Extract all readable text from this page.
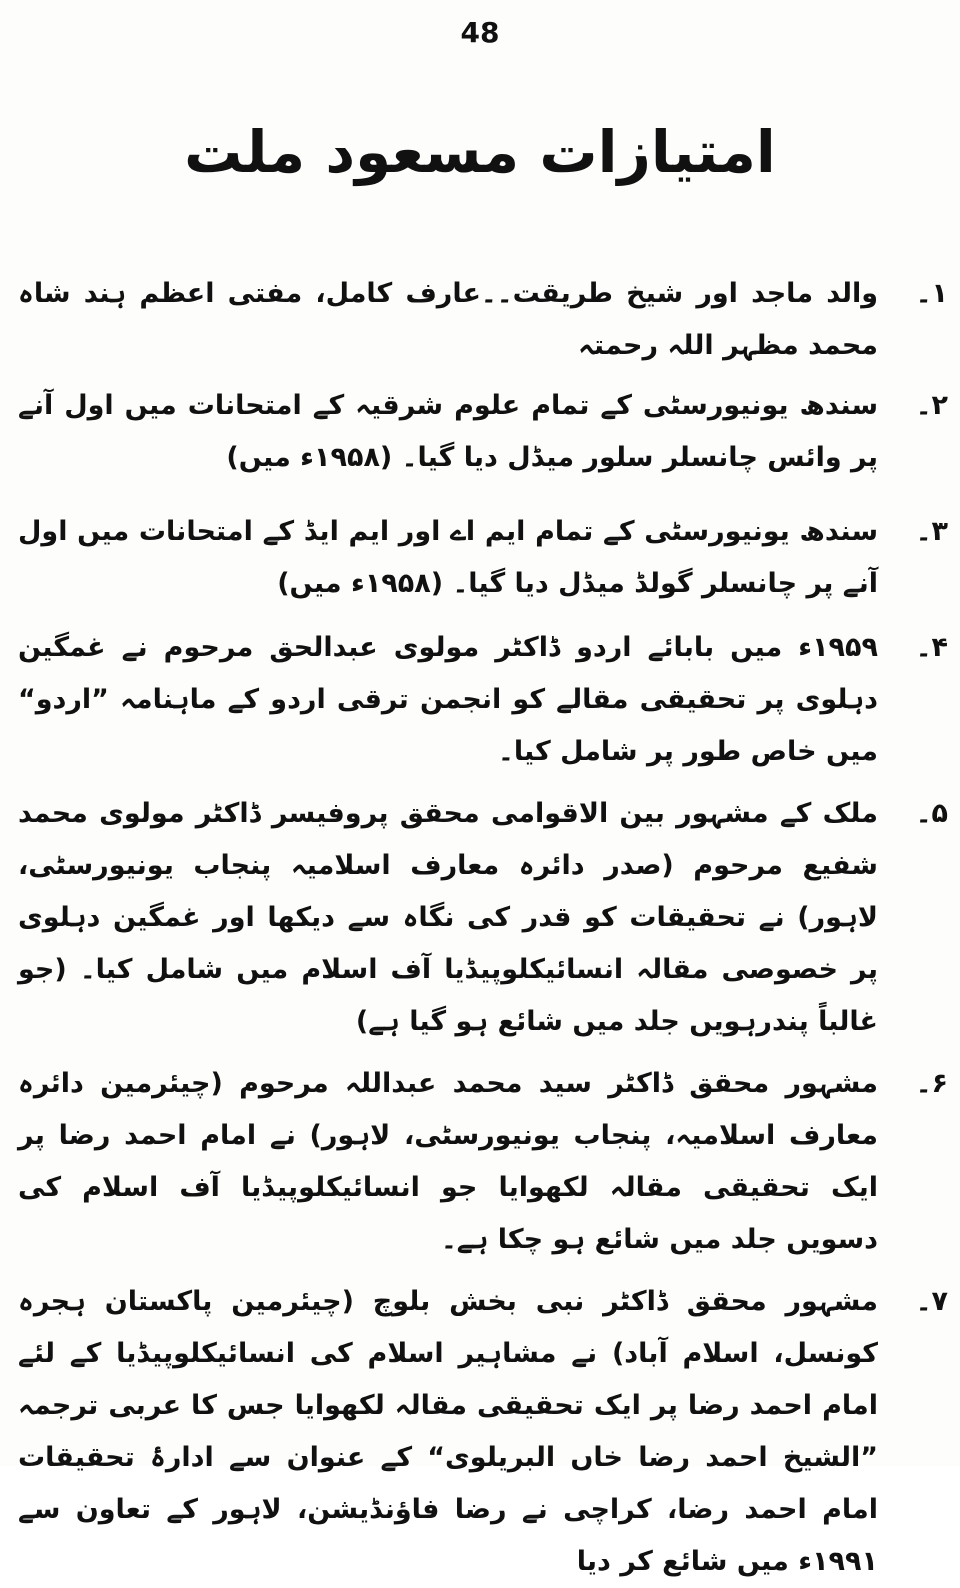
48
امتیازات مسعود ملت
۱۔
والد ماجد اور شیخ طریقت۔۔عارف کامل، مفتی اعظم ہند شاہ محمد مظہر اللہ رحمتہ
۲۔
سندھ یونیورسٹی کے تمام علوم شرقیہ کے امتحانات میں اول آنے پر وائس چانسلر سلور میڈل دیا گیا۔ (۱۹۵۸ء میں)
۳۔
سندھ یونیورسٹی کے تمام ایم اے اور ایم ایڈ کے امتحانات میں اول آنے پر چانسلر گولڈ میڈل دیا گیا۔ (۱۹۵۸ء میں)
۴۔
۱۹۵۹ء میں بابائے اردو ڈاکٹر مولوی عبدالحق مرحوم نے غمگین دہلوی پر تحقیقی مقالے کو انجمن ترقی اردو کے ماہنامہ ”اردو“ میں خاص طور پر شامل کیا۔
۵۔
ملک کے مشہور بین الاقوامی محقق پروفیسر ڈاکٹر مولوی محمد شفیع مرحوم (صدر دائرہ معارف اسلامیہ پنجاب یونیورسٹی، لاہور) نے تحقیقات کو قدر کی نگاہ سے دیکھا اور غمگین دہلوی پر خصوصی مقالہ انسائیکلوپیڈیا آف اسلام میں شامل کیا۔ (جو غالباً پندرہویں جلد میں شائع ہو گیا ہے)
۶۔
مشہور محقق ڈاکٹر سید محمد عبداللہ مرحوم (چیئرمین دائرہ معارف اسلامیہ، پنجاب یونیورسٹی، لاہور) نے امام احمد رضا پر ایک تحقیقی مقالہ لکھوایا جو انسائیکلوپیڈیا آف اسلام کی دسویں جلد میں شائع ہو چکا ہے۔
۷۔
مشہور محقق ڈاکٹر نبی بخش بلوچ (چیئرمین پاکستان ہجرہ کونسل، اسلام آباد) نے مشاہیر اسلام کی انسائیکلوپیڈیا کے لئے امام احمد رضا پر ایک تحقیقی مقالہ لکھوایا جس کا عربی ترجمہ ”الشیخ احمد رضا خاں البریلوی“ کے عنوان سے ادارۂ تحقیقات امام احمد رضا، کراچی نے رضا فاؤنڈیشن، لاہور کے تعاون سے ۱۹۹۱ء میں شائع کر دیا
